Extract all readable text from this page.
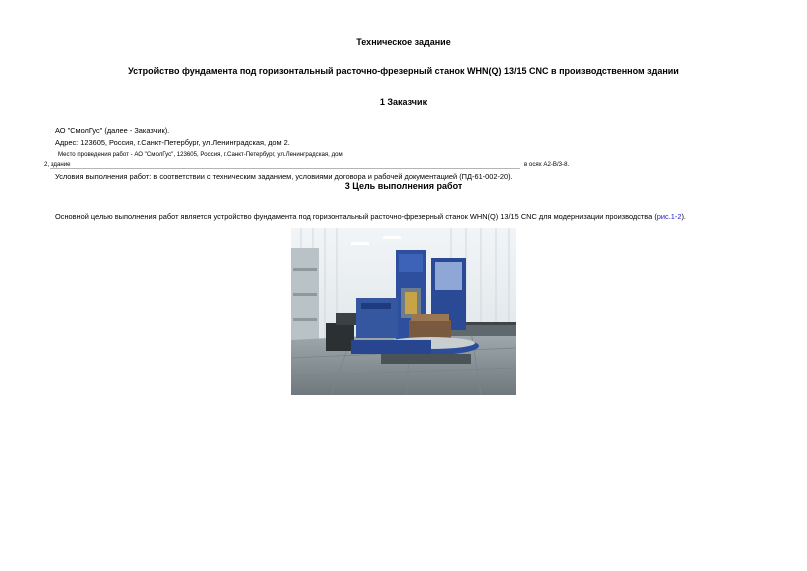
Техническое задание
Устройство фундамента под горизонтальный расточно-фрезерный станок WHN(Q) 13/15 CNC в производственном здании
1 Заказчик
АО "СмолГус" (далее - Заказчик).
Адрес: 123605, Россия, г.Санкт-Петербург, ул.Ленинградская, дом 2.
Место проведения работ - АО "СмолГус", 123605, Россия, г.Санкт-Петербург, ул.Ленинградская, дом
2, здание	в осях А2-В/3-8.
Условия выполнения работ: в соответствии с техническим заданием, условиями договора и рабочей документацией (ПД-61-002-20).
3 Цель выполнения работ
Основной целью выполнения работ является устройство фундамента под горизонтальный расточно-фрезерный станок WHN(Q) 13/15 CNC для модернизации производства (рис.1-2).
